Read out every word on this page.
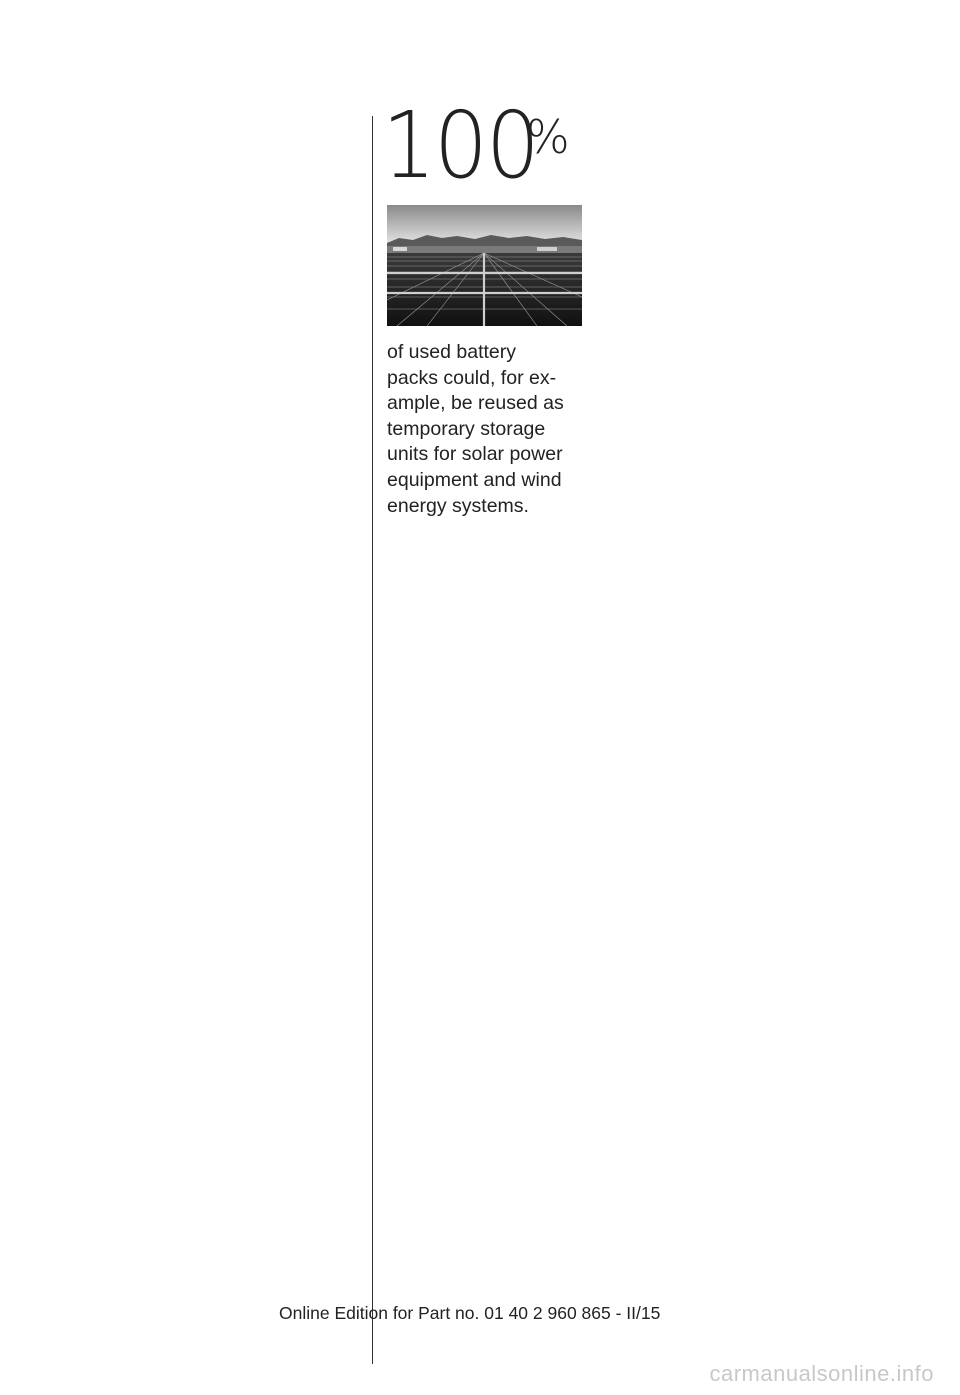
100
%
of used battery
packs could, for ex-
ample, be reused as
temporary storage
units for solar power
equipment and wind
energy systems.
Online Edition for Part no. 01 40 2 960 865 - II/15
carmanualsonline.info
